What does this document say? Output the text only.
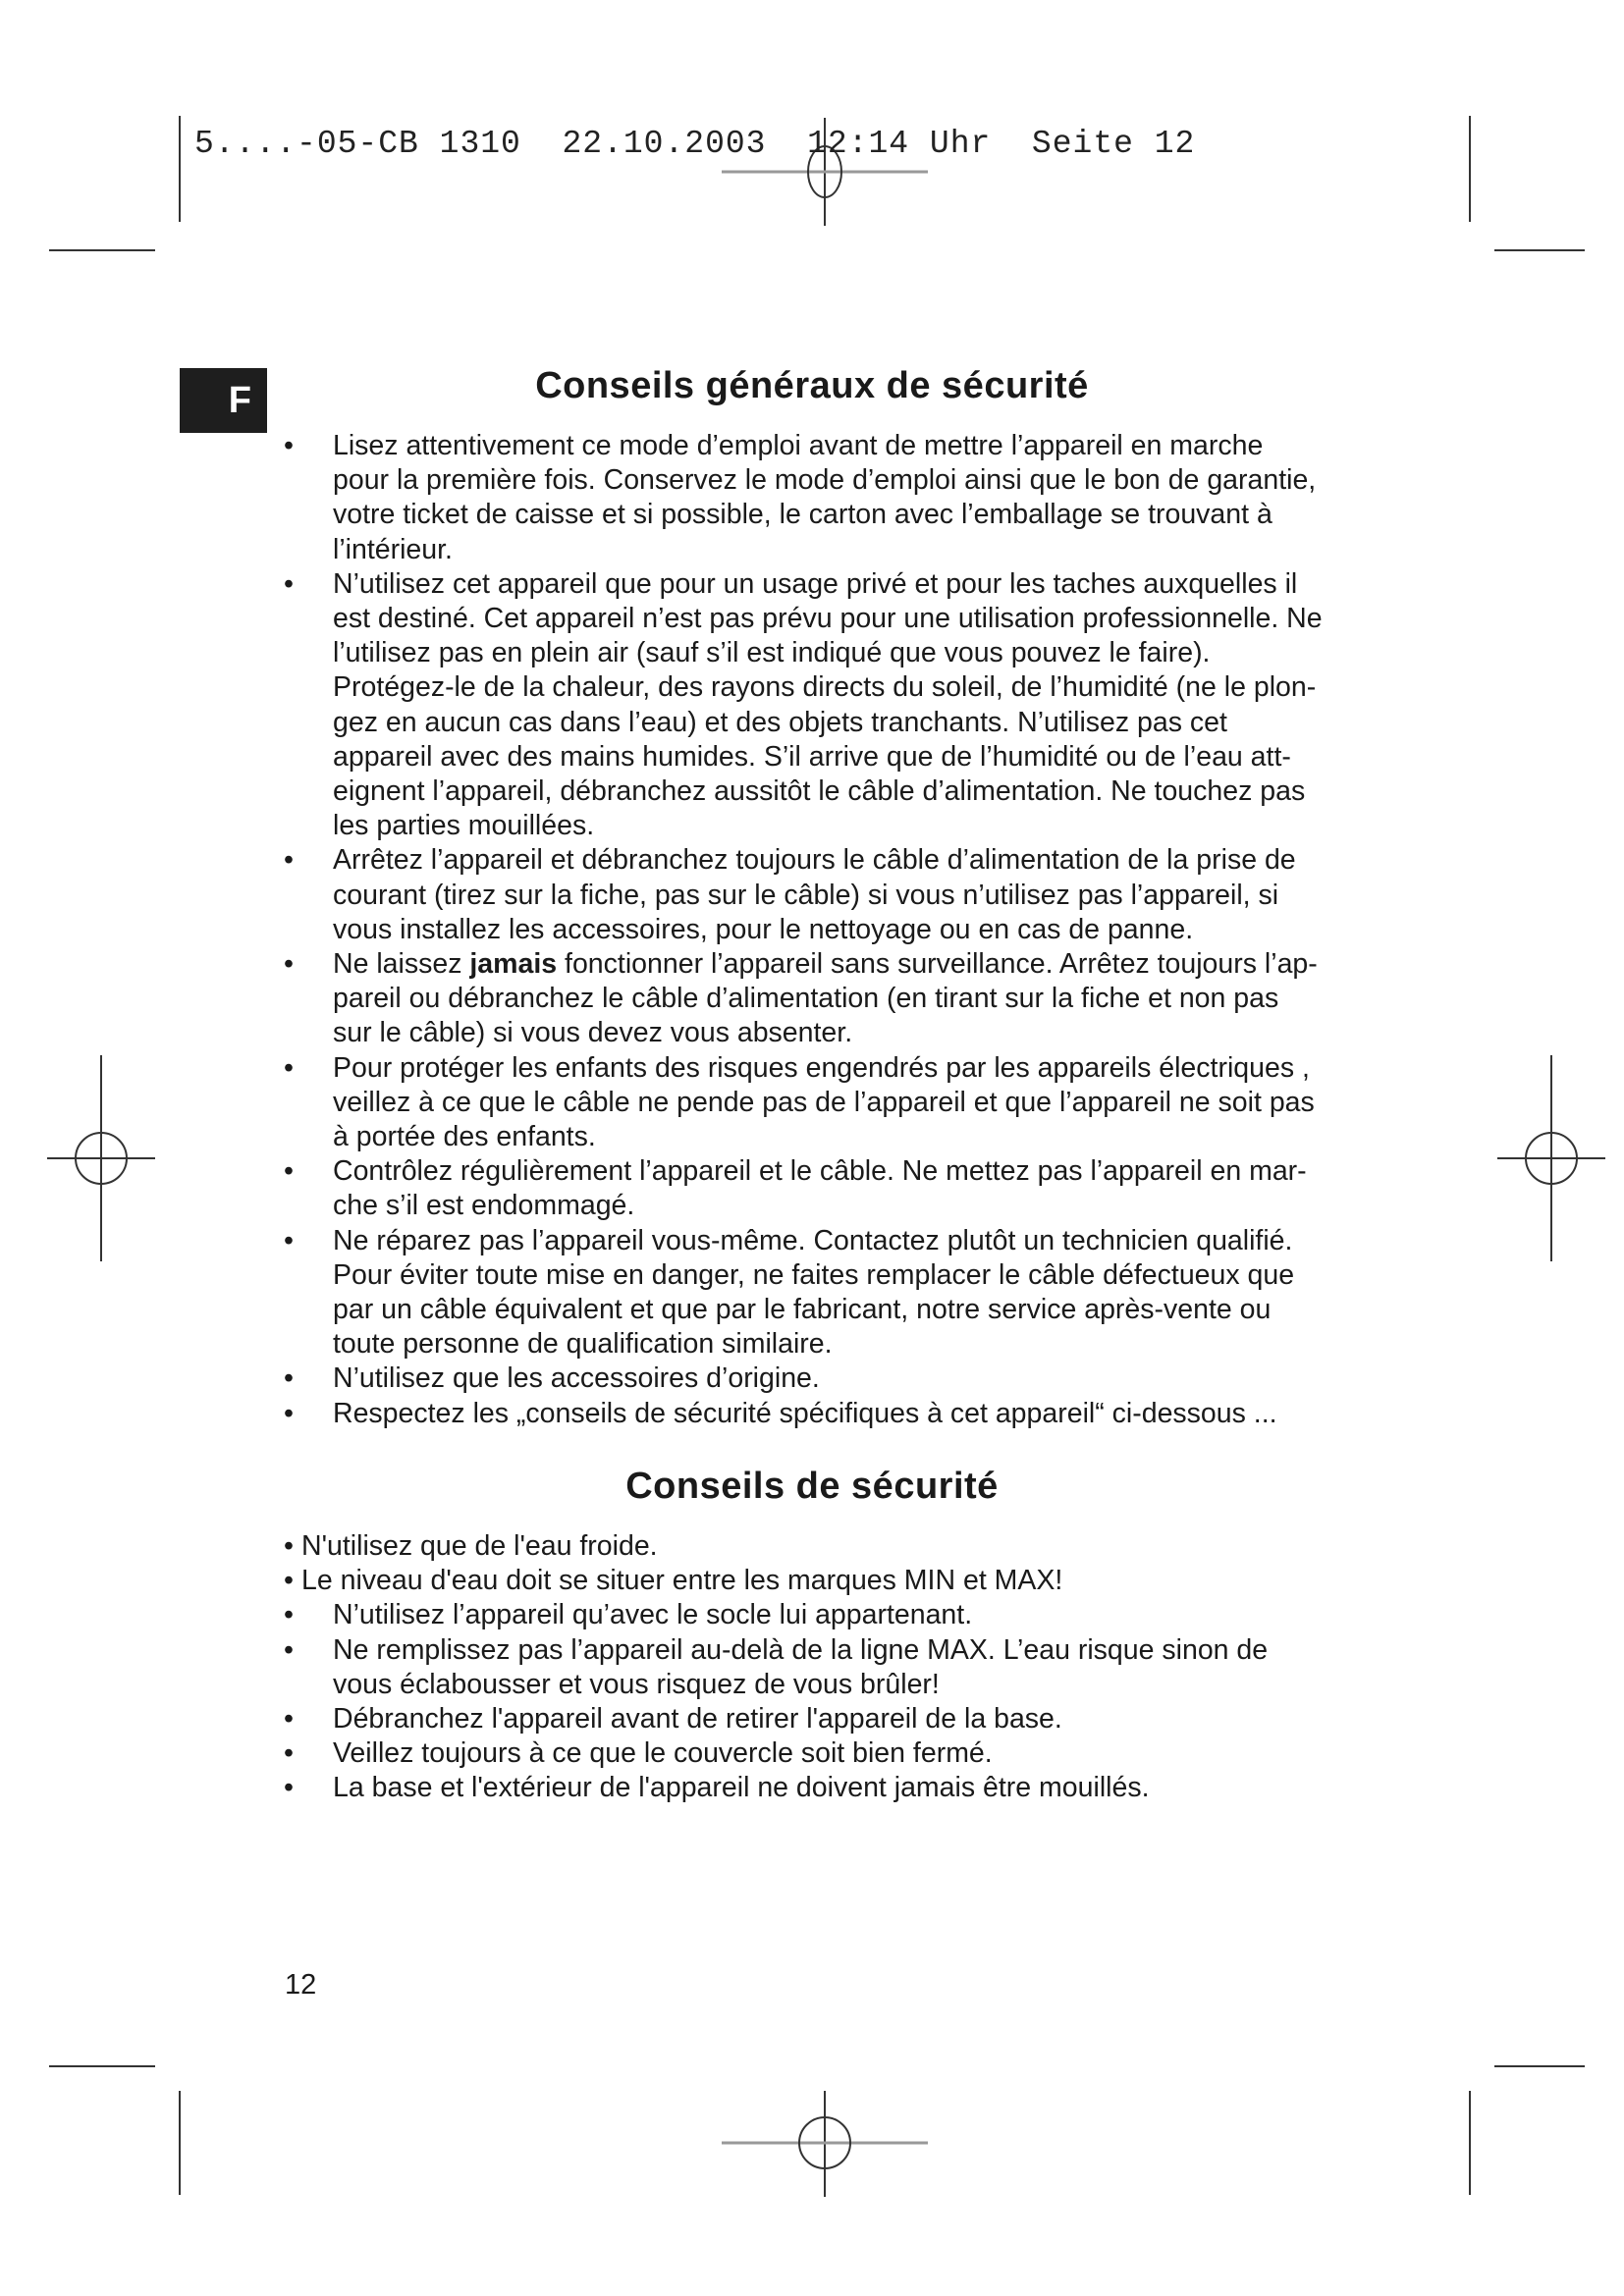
5....-05-CB 1310  22.10.2003  12:14 Uhr  Seite 12
F	Conseils généraux de sécurité
• Lisez attentivement ce mode d’emploi avant de mettre l’appareil en marche
pour la première fois. Conservez le mode d’emploi ainsi que le bon de garantie,
votre ticket de caisse et si possible, le carton avec l’emballage se trouvant à
l’intérieur.
• N’utilisez cet appareil que pour un usage privé et pour les taches auxquelles il
est destiné. Cet appareil n’est pas prévu pour une utilisation professionnelle. Ne
l’utilisez pas en plein air (sauf s’il est indiqué que vous pouvez le faire).
Protégez-le de la chaleur, des rayons directs du soleil, de l’humidité (ne le plon-
gez en aucun cas dans l’eau) et des objets tranchants. N’utilisez pas cet
appareil avec des mains humides. S’il arrive que de l’humidité ou de l’eau att-
eignent l’appareil, débranchez aussitôt le câble d’alimentation. Ne touchez pas
les parties mouillées.
• Arrêtez l’appareil et débranchez toujours le câble d’alimentation de la prise de
courant (tirez sur la fiche, pas sur le câble) si vous n’utilisez pas l’appareil, si
vous installez les accessoires, pour le nettoyage ou en cas de panne.
• Ne laissez jamais fonctionner l’appareil sans surveillance. Arrêtez toujours l’ap-
pareil ou débranchez le câble d’alimentation (en tirant sur la fiche et non pas
sur le câble) si vous devez vous absenter.
• Pour protéger les enfants des risques engendrés par les appareils électriques ,
veillez à ce que le câble ne pende pas de l’appareil et que l’appareil ne soit pas
à portée des enfants.
• Contrôlez régulièrement l’appareil et le câble. Ne mettez pas l’appareil en mar-
che s’il est endommagé.
• Ne réparez pas l’appareil vous-même. Contactez plutôt un technicien qualifié.
Pour éviter toute mise en danger, ne faites remplacer le câble défectueux que
par un câble équivalent et que par le fabricant, notre service après-vente ou
toute personne de qualification similaire.
• N’utilisez que les accessoires d’origine.
• Respectez les „conseils de sécurité spécifiques à cet appareil“ ci-dessous ...
Conseils de sécurité
• N'utilisez que de l'eau froide.
• Le niveau d'eau doit se situer entre les marques MIN et MAX!
• N’utilisez l’appareil qu’avec le socle lui appartenant.
• Ne remplissez pas l’appareil au-delà de la ligne MAX. L’eau risque sinon de
vous éclabousser et vous risquez de vous brûler!
• Débranchez l'appareil avant de retirer l'appareil de la base.
• Veillez toujours à ce que le couvercle soit bien fermé.
• La base et l'extérieur de l'appareil ne doivent jamais être mouillés.
12
